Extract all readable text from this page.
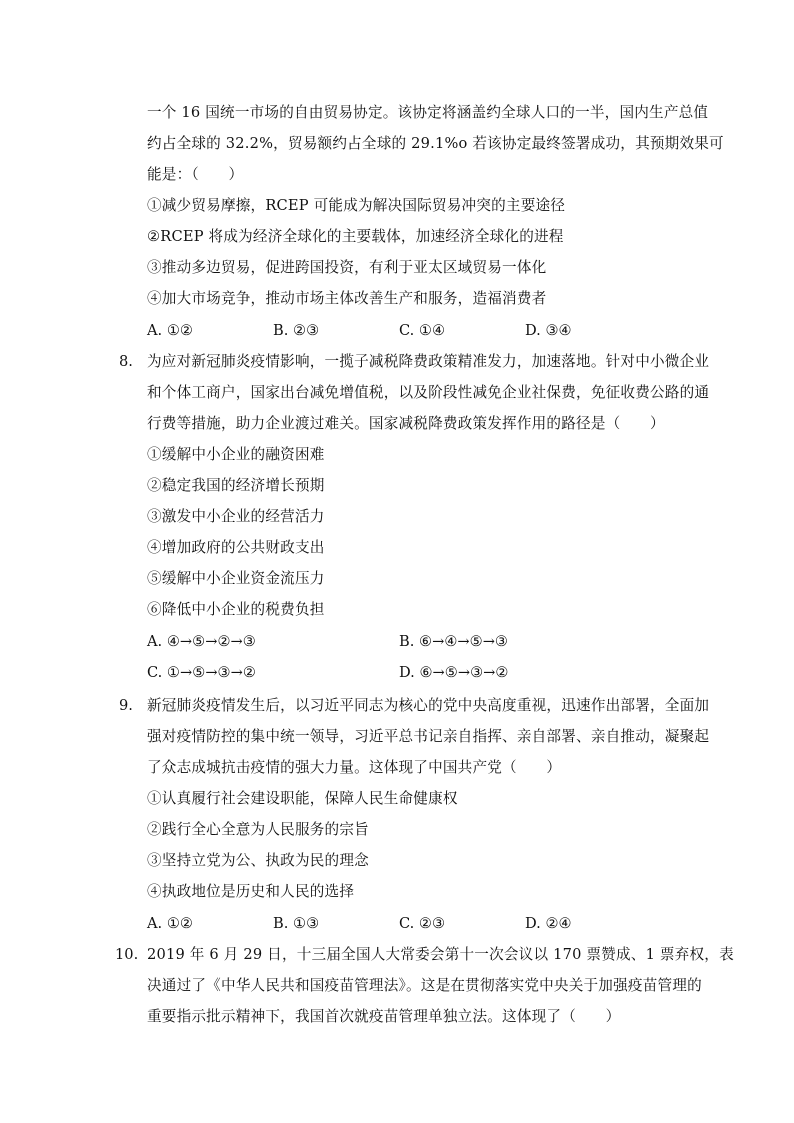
一个 16 国统一市场的自由贸易协定。该协定将涵盖约全球人口的一半，国内生产总值
约占全球的 32.2%，贸易额约占全球的 29.1%o 若该协定最终签署成功，其预期效果可
能是：（　　）
①减少贸易摩擦，RCEP 可能成为解决国际贸易冲突的主要途径
②RCEP 将成为经济全球化的主要载体，加速经济全球化的进程
③推动多边贸易，促进跨国投资，有利于亚太区域贸易一体化
④加大市场竞争，推动市场主体改善生产和服务，造福消费者
A. ①②	B. ②③	C. ①④	D. ③④
8. 为应对新冠肺炎疫情影响，一揽子减税降费政策精准发力，加速落地。针对中小微企业
和个体工商户，国家出台减免增值税，以及阶段性减免企业社保费，免征收费公路的通
行费等措施，助力企业渡过难关。国家减税降费政策发挥作用的路径是（　　）
①缓解中小企业的融资困难
②稳定我国的经济增长预期
③激发中小企业的经营活力
④增加政府的公共财政支出
⑤缓解中小企业资金流压力
⑥降低中小企业的税费负担
A. ④→⑤→②→③	B. ⑥→④→⑤→③
C. ①→⑤→③→②	D. ⑥→⑤→③→②
9. 新冠肺炎疫情发生后，以习近平同志为核心的党中央高度重视，迅速作出部署，全面加
强对疫情防控的集中统一领导，习近平总书记亲自指挥、亲自部署、亲自推动，凝聚起
了众志成城抗击疫情的强大力量。这体现了中国共产党（　　）
①认真履行社会建设职能，保障人民生命健康权
②践行全心全意为人民服务的宗旨
③坚持立党为公、执政为民的理念
④执政地位是历史和人民的选择
A. ①②	B. ①③	C. ②③	D. ②④
10. 2019 年 6 月 29 日，十三届全国人大常委会第十一次会议以 170 票赞成、1 票弃权，表
决通过了《中华人民共和国疫苗管理法》。这是在贯彻落实党中央关于加强疫苗管理的
重要指示批示精神下，我国首次就疫苗管理单独立法。这体现了（　　）
